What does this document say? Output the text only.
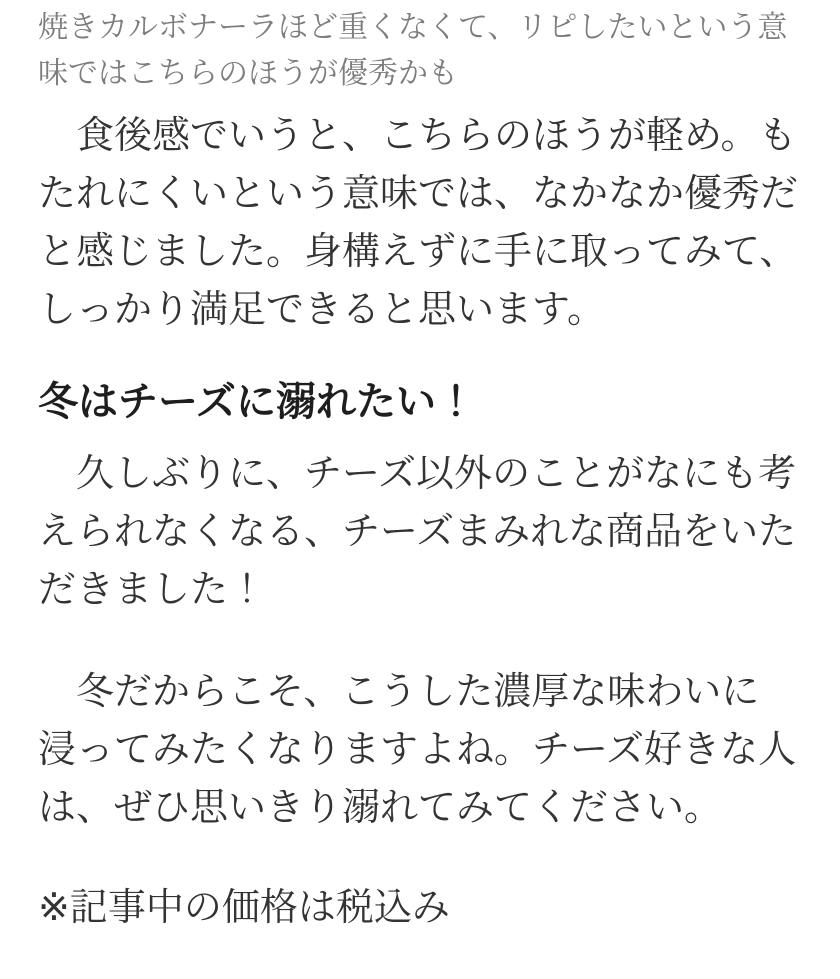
焼きカルボナーラほど重くなくて、リピしたいという意味ではこちらのほうが優秀かも

　食後感でいうと、こちらのほうが軽め。もたれにくいという意味では、なかなか優秀だと感じました。身構えずに手に取ってみて、しっかり満足できると思います。

冬はチーズに溺れたい！

　久しぶりに、チーズ以外のことがなにも考えられなくなる、チーズまみれな商品をいただきました！

　冬だからこそ、こうした濃厚な味わいに浸ってみたくなりますよね。チーズ好きな人は、ぜひ思いきり溺れてみてください。

※記事中の価格は税込み
